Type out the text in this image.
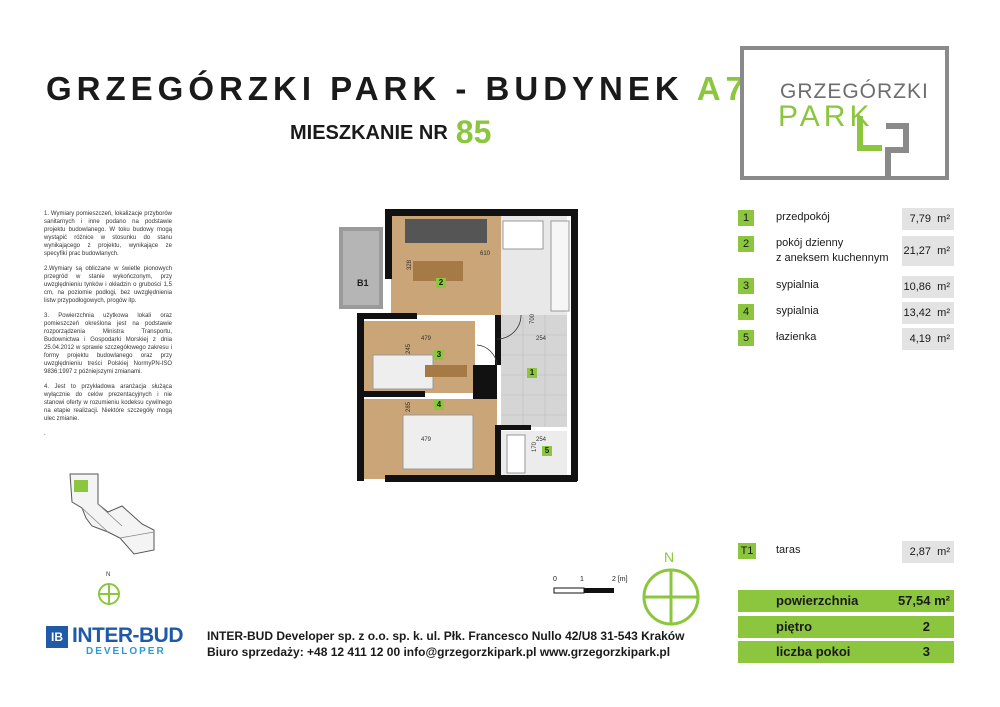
GRZEGÓRZKI PARK - BUDYNEK A7
MIESZKANIE NR 85
GRZEGÓRZKI
PARK

1. Wymiary pomieszczeń, lokalizacje przyborów sanitarnych i inne podano na podstawie projektu budowlanego. W toku budowy mogą wystąpić różnice w stosunku do stanu wynikającego z projektu, wynikające ze specyfiki prac budowlanych.

2.Wymiary są obliczane w świetle pionowych przegród w stanie wykończonym, przy uwzględnieniu tynków i okładzin o grubości 1,5 cm, na poziomie podłogi, bez uwzględnienia listw przypodłogowych, progów itp.

3. Powierzchnia użytkowa lokali oraz pomieszczeń określona jest na podstawie rozporządzenia Ministra Transportu, Budownictwa i Gospodarki Morskiej z dnia 25.04.2012 w sprawie szczegółowego zakresu i formy projektu budowlanego oraz przy uwzględnieniu treści Polskiej NormyPN-ISO 9836:1997 z późniejszymi zmianami.

4. Jest to przykładowa aranżacja służąca wyłącznie do celów prezentacyjnych i nie stanowi oferty w rozumieniu kodeksu cywilnego na etapie realizacji. Niektóre szczegóły mogą ulec zmianie.

.

N
610
328
700
479	254
245
285
479	254
170
B1
1
2
3
4
5
1	przedpokój	7,79 m²
2	pokój dzienny
z aneksem kuchennym
21,27 m²
3	sypialnia	10,86 m²
4	sypialnia	13,42 m²
5	łazienka	4,19 m²
T1 taras	2,87 m²
powierzchnia	57,54 m²
piętro	2
liczba pokoi	3
0	1	2 [m]
N
IB INTER-BUD
DEVELOPER
INTER-BUD Developer sp. z o.o. sp. k. ul. Płk. Francesco Nullo 42/U8 31-543 Kraków
Biuro sprzedaży: +48 12 411 12 00 info@grzegorzkipark.pl www.grzegorzkipark.pl
